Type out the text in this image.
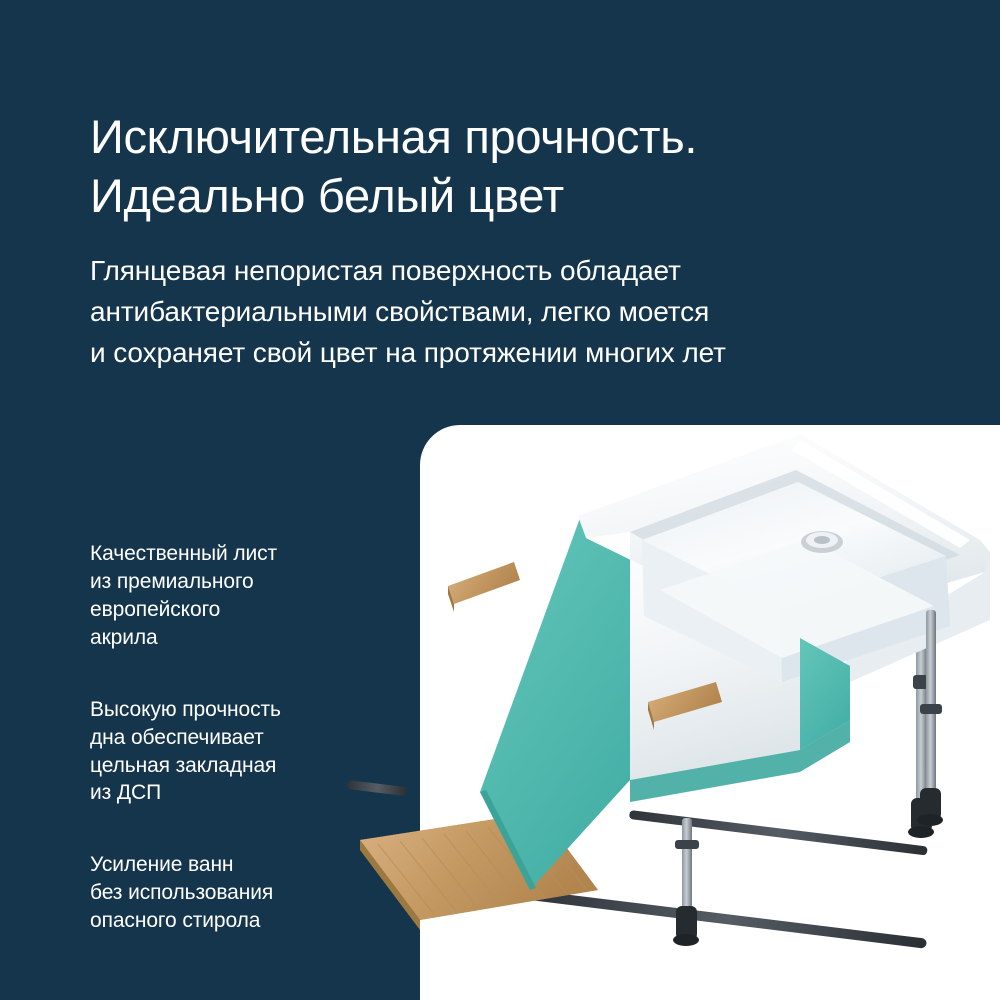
Исключительная прочность.
Идеально белый цвет
Глянцевая непористая поверхность обладает
антибактериальными свойствами, легко моется
и сохраняет свой цвет на протяжении многих лет
Качественный лист
из премиального
европейского
акрила
Высокую прочность
дна обеспечивает
цельная закладная
из ДСП
Усиление ванн
без использования
опасного стирола
